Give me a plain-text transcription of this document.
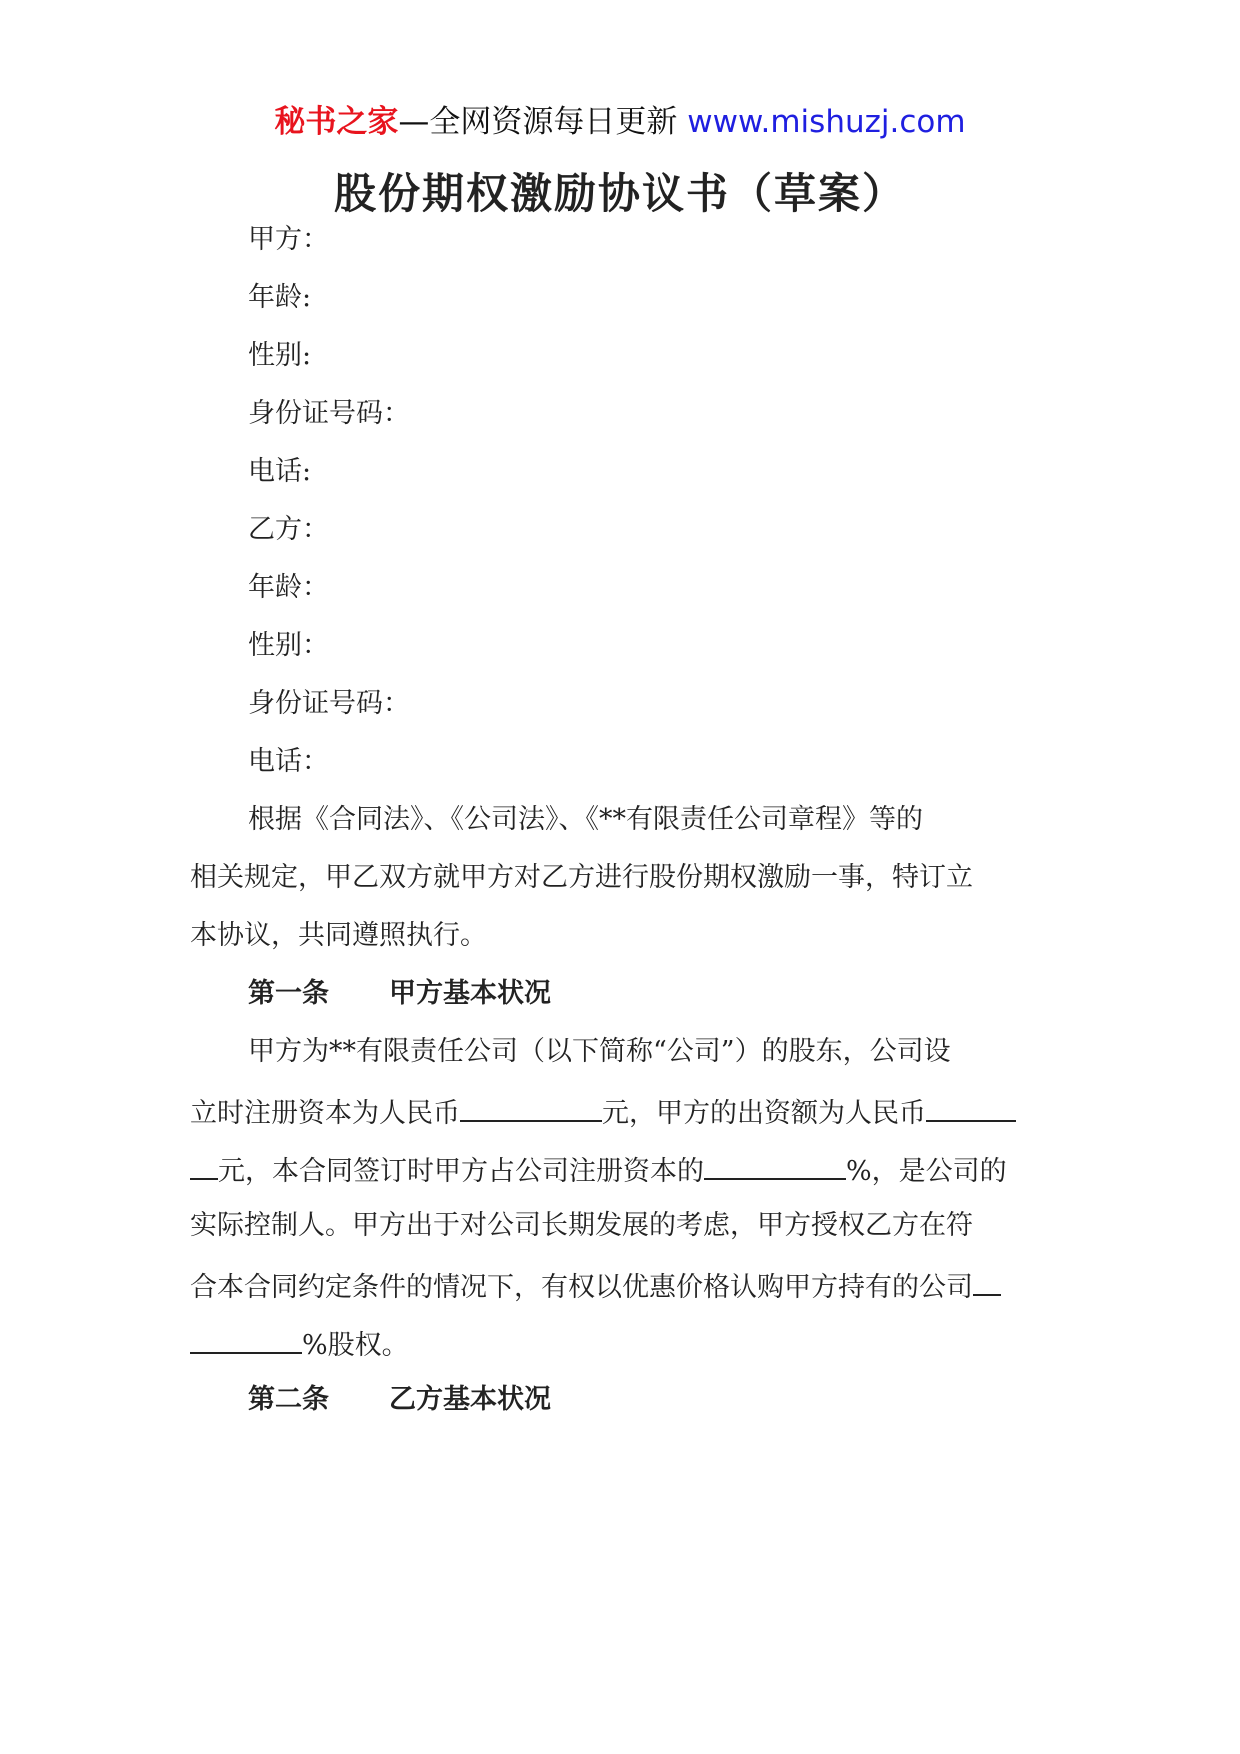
秘书之家—全网资源每日更新 www.mishuzj.com
股份期权激励协议书（草案）
甲方：
年龄:
性别:
身份证号码：
电话:
乙方：
年龄：
性别：
身份证号码：
电话：
根据《合同法》、《公司法》、《**有限责任公司章程》等的
相关规定，甲乙双方就甲方对乙方进行股份期权激励一事，特订立
本协议，共同遵照执行。
第一条 甲方基本状况
甲方为**有限责任公司（以下简称“公司”）的股东，公司设
立时注册资本为人民币	元，甲方的出资额为人民币
元，本合同签订时甲方占公司注册资本的	%，是公司的
实际控制人。甲方出于对公司长期发展的考虑，甲方授权乙方在符
合本合同约定条件的情况下，有权以优惠价格认购甲方持有的公司
%股权。
第二条 乙方基本状况
